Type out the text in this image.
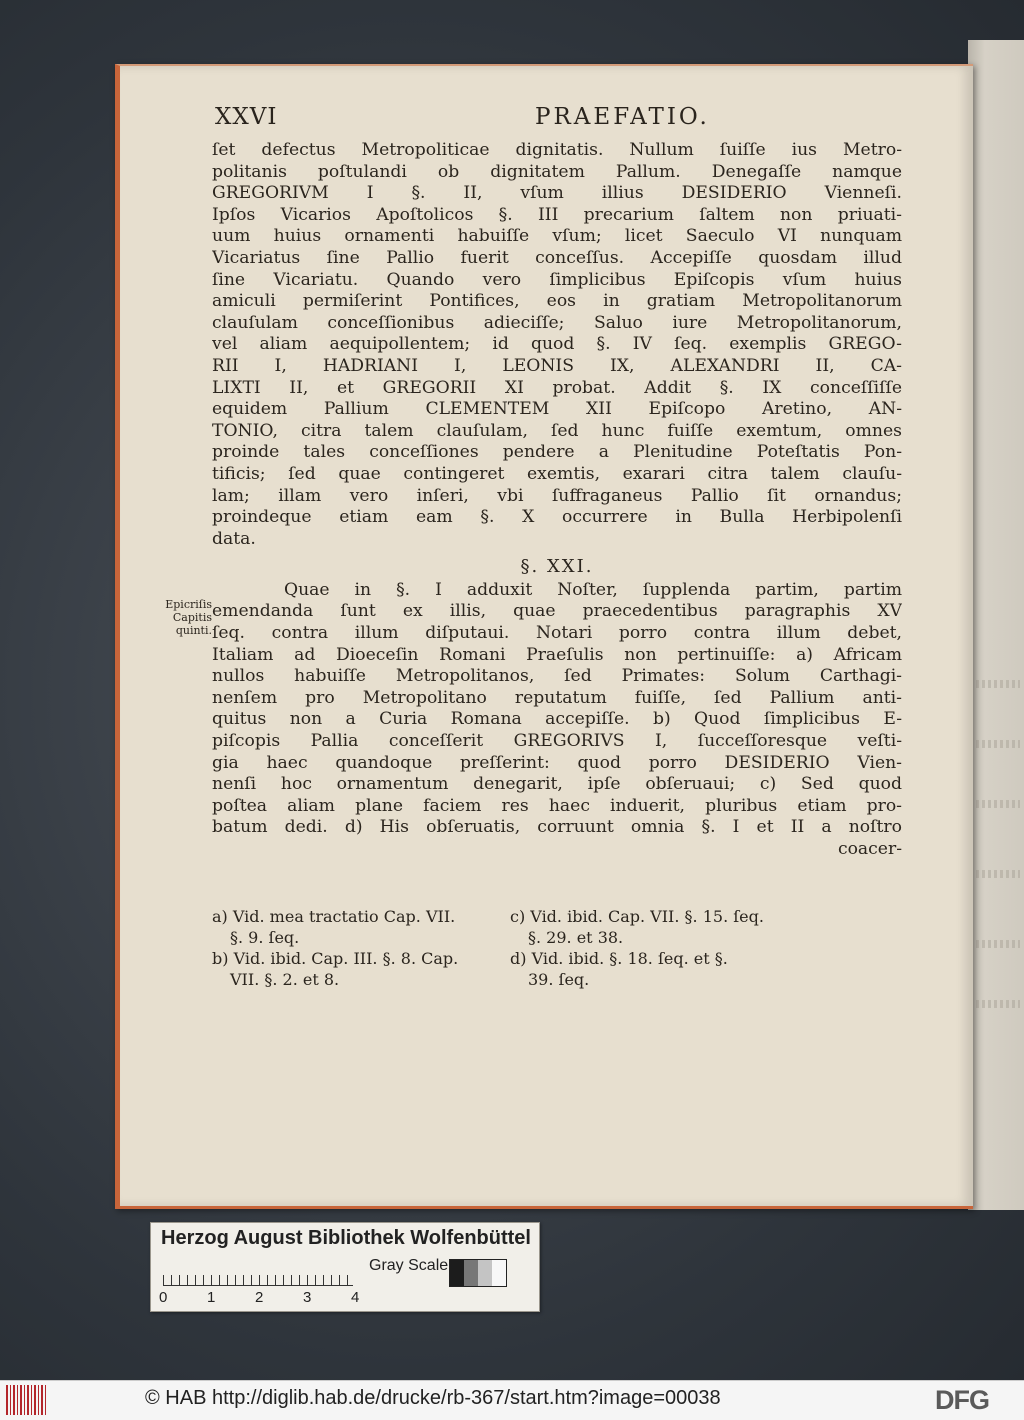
XXVI	PRAEFATIO.
ſet defectus Metropoliticae dignitatis. Nullum ſuiſſe ius Metro-
politanis poſtulandi ob dignitatem Pallum. Denegaſſe namque
GREGORIVM I §. II, vſum illius DESIDERIO Vienneſi.
Ipſos Vicarios Apoſtolicos §. III precarium ſaltem non priuati-
uum huius ornamenti habuiſſe vſum; licet Saeculo VI nunquam
Vicariatus ſine Pallio fuerit conceſſus. Accepiſſe quosdam illud
ſine Vicariatu. Quando vero ſimplicibus Epiſcopis vſum huius
amiculi permiſerint Pontifices, eos in gratiam Metropolitanorum
clauſulam conceſſionibus adieciſſe; Saluo iure Metropolitanorum,
vel aliam aequipollentem; id quod §. IV ſeq. exemplis GREGO-
RII I, HADRIANI I, LEONIS IX, ALEXANDRI II, CA-
LIXTI II, et GREGORII XI probat. Addit §. IX conceſſiſſe
equidem Pallium CLEMENTEM XII Epiſcopo Aretino, AN-
TONIO, citra talem clauſulam, ſed hunc fuiſſe exemtum, omnes
proinde tales conceſſiones pendere a Plenitudine Poteſtatis Pon-
tificis; ſed quae contingeret exemtis, exarari citra talem clauſu-
lam; illam vero inſeri, vbi ſuffraganeus Pallio ſit ornandus;
proindeque etiam eam §. X occurrere in Bulla Herbipolenſi
data.
§. XXI.
Quae in §. I adduxit Noſter, ſupplenda partim, partim
emendanda ſunt ex illis, quae praecedentibus paragraphis XV
ſeq. contra illum diſputaui. Notari porro contra illum debet,
Italiam ad Dioeceſin Romani Praeſulis non pertinuiſſe: a) Africam
nullos habuiſſe Metropolitanos, ſed Primates: Solum Carthagi-
nenſem pro Metropolitano reputatum fuiſſe, ſed Pallium anti-
quitus non a Curia Romana accepiſſe. b) Quod ſimplicibus E-
piſcopis Pallia conceſſerit GREGORIVS I, ſucceſſoresque veſti-
gia haec quandoque preſſerint: quod porro DESIDERIO Vien-
nenſi hoc ornamentum denegarit, ipſe obſeruaui; c) Sed quod
poſtea aliam plane faciem res haec induerit, pluribus etiam pro-
batum dedi. d) His obſeruatis, corruunt omnia §. I et II a noſtro
coacer-
Epicriſis
Capitis
quinti.
a) Vid. mea tractatio Cap. VII.
§. 9. ſeq.
b) Vid. ibid. Cap. III. §. 8. Cap.
VII. §. 2. et 8.
c) Vid. ibid. Cap. VII. §. 15. ſeq.
§. 29. et 38.
d) Vid. ibid. §. 18. ſeq. et §.
39. ſeq.
Herzog August Bibliothek Wolfenbüttel
0	1	2	3	4
Gray Scale
© HAB http://diglib.hab.de/drucke/rb-367/start.htm?image=00038	DFG
